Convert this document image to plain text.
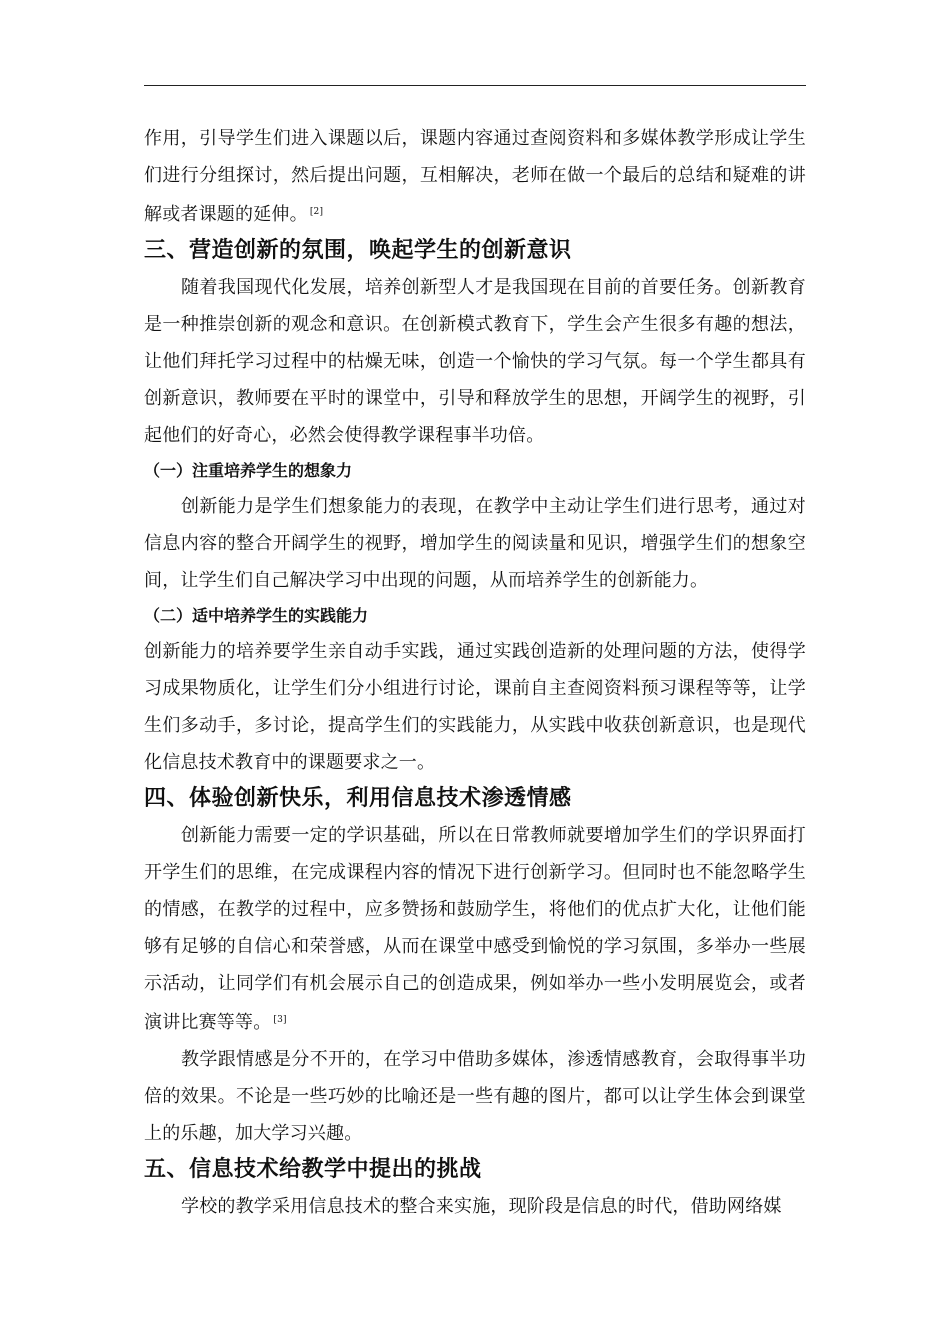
作用，引导学生们进入课题以后，课题内容通过查阅资料和多媒体教学形成让学生们进行分组探讨，然后提出问题，互相解决，老师在做一个最后的总结和疑难的讲解或者课题的延伸。 [2]

三、营造创新的氛围，唤起学生的创新意识

随着我国现代化发展，培养创新型人才是我国现在目前的首要任务。创新教育是一种推崇创新的观念和意识。在创新模式教育下，学生会产生很多有趣的想法，让他们拜托学习过程中的枯燥无味，创造一个愉快的学习气氛。每一个学生都具有创新意识，教师要在平时的课堂中，引导和释放学生的思想，开阔学生的视野，引起他们的好奇心，必然会使得教学课程事半功倍。

（一）注重培养学生的想象力

创新能力是学生们想象能力的表现，在教学中主动让学生们进行思考，通过对信息内容的整合开阔学生的视野，增加学生的阅读量和见识，增强学生们的想象空间，让学生们自己解决学习中出现的问题，从而培养学生的创新能力。

（二）适中培养学生的实践能力

创新能力的培养要学生亲自动手实践，通过实践创造新的处理问题的方法，使得学习成果物质化，让学生们分小组进行讨论，课前自主查阅资料预习课程等等，让学生们多动手，多讨论，提高学生们的实践能力，从实践中收获创新意识，也是现代化信息技术教育中的课题要求之一。

四、体验创新快乐，利用信息技术渗透情感

创新能力需要一定的学识基础，所以在日常教师就要增加学生们的学识界面打开学生们的思维，在完成课程内容的情况下进行创新学习。但同时也不能忽略学生的情感，在教学的过程中，应多赞扬和鼓励学生，将他们的优点扩大化，让他们能够有足够的自信心和荣誉感，从而在课堂中感受到愉悦的学习氛围，多举办一些展示活动，让同学们有机会展示自己的创造成果，例如举办一些小发明展览会，或者演讲比赛等等。 [3]

教学跟情感是分不开的，在学习中借助多媒体，渗透情感教育，会取得事半功倍的效果。不论是一些巧妙的比喻还是一些有趣的图片，都可以让学生体会到课堂上的乐趣，加大学习兴趣。

五、信息技术给教学中提出的挑战

学校的教学采用信息技术的整合来实施，现阶段是信息的时代，借助网络媒
